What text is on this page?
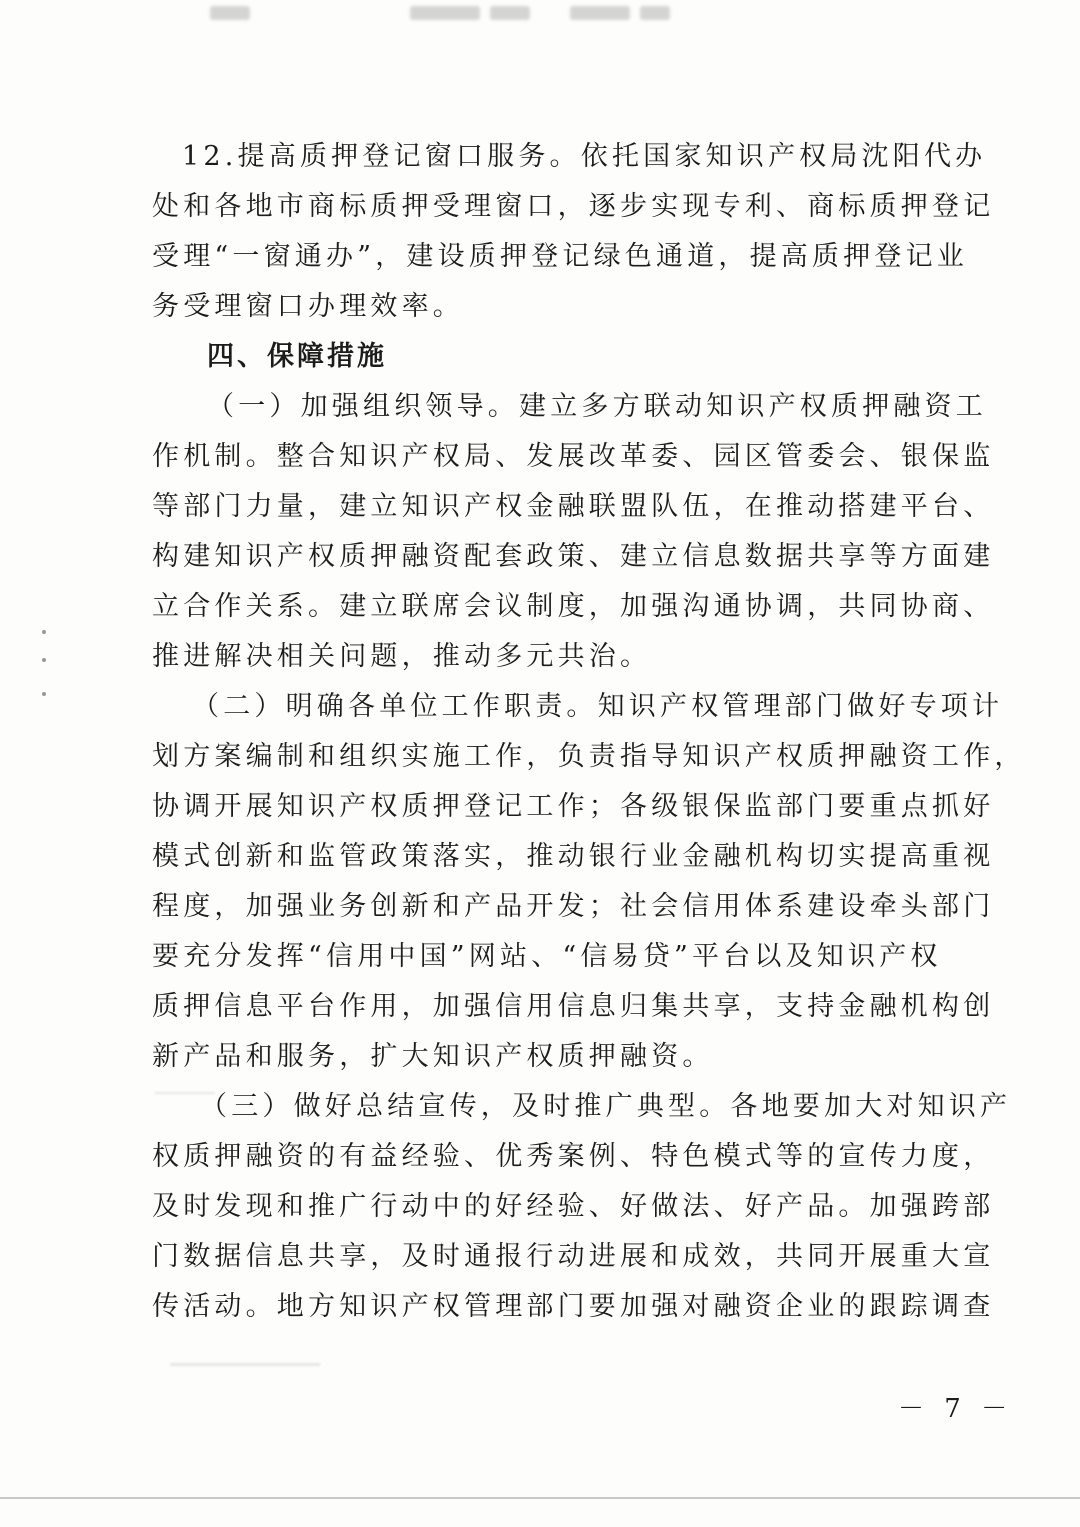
12.提高质押登记窗口服务。依托国家知识产权局沈阳代办
处和各地市商标质押受理窗口，逐步实现专利、商标质押登记
受理“一窗通办”，建设质押登记绿色通道，提高质押登记业
务受理窗口办理效率。
四、保障措施
（一）加强组织领导。建立多方联动知识产权质押融资工
作机制。整合知识产权局、发展改革委、园区管委会、银保监
等部门力量，建立知识产权金融联盟队伍，在推动搭建平台、
构建知识产权质押融资配套政策、建立信息数据共享等方面建
立合作关系。建立联席会议制度，加强沟通协调，共同协商、
推进解决相关问题，推动多元共治。
（二）明确各单位工作职责。知识产权管理部门做好专项计
划方案编制和组织实施工作，负责指导知识产权质押融资工作，
协调开展知识产权质押登记工作；各级银保监部门要重点抓好
模式创新和监管政策落实，推动银行业金融机构切实提高重视
程度，加强业务创新和产品开发；社会信用体系建设牵头部门
要充分发挥“信用中国”网站、“信易贷”平台以及知识产权
质押信息平台作用，加强信用信息归集共享，支持金融机构创
新产品和服务，扩大知识产权质押融资。
（三）做好总结宣传，及时推广典型。各地要加大对知识产
权质押融资的有益经验、优秀案例、特色模式等的宣传力度，
及时发现和推广行动中的好经验、好做法、好产品。加强跨部
门数据信息共享，及时通报行动进展和成效，共同开展重大宣
传活动。地方知识产权管理部门要加强对融资企业的跟踪调查
－ 7 －
